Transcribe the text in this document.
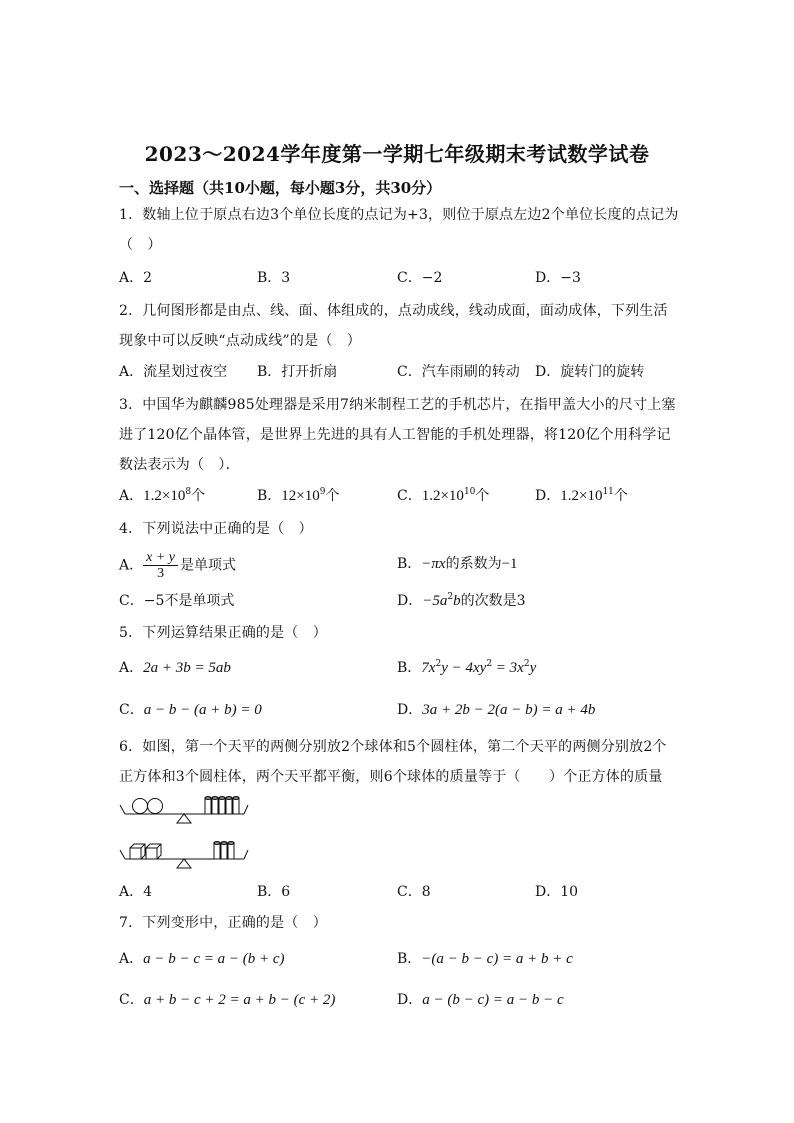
2023～2024学年度第一学期七年级期末考试数学试卷
一、选择题（共10小题，每小题3分，共30分）
1．数轴上位于原点右边3个单位长度的点记为+3，则位于原点左边2个单位长度的点记为（　）
A．2	B．3	C．−2	D．−3
2．几何图形都是由点、线、面、体组成的，点动成线，线动成面，面动成体，下列生活现象中可以反映“点动成线”的是（　）
A．流星划过夜空 B．打开折扇	C．汽车雨刷的转动 D．旋转门的旋转
3．中国华为麒麟985处理器是采用7纳米制程工艺的手机芯片，在指甲盖大小的尺寸上塞进了120亿个晶体管，是世界上先进的具有人工智能的手机处理器，将120亿个用科学记数法表示为（　）．
A．$1.2\times 10^8$个	B．$12\times 10^9$个	C．$1.2\times 10^{10}$个	D．$1.2\times 10^{11}$个
4．下列说法中正确的是（　）
A． $\frac{x + y}{3}$ 是单项式	B．−πx的系数为−1
C．−5不是单项式	D．$-5a^2b$的次数是3
5．下列运算结果正确的是（　）
A．2a + 3b = 5ab	B．$7x^2y - 4xy^2 = 3x^2y$
C．a − b − (a + b) = 0	D．3a + 2b − 2(a − b) = a + 4b
6．如图，第一个天平的两侧分别放2个球体和5个圆柱体，第二个天平的两侧分别放2个正方体和3个圆柱体，两个天平都平衡，则6个球体的质量等于（　　）个正方体的质量
A．4	B．6	C．8	D．10
7．下列变形中，正确的是（　）
A．a − b − c = a − (b + c)	B．−(a − b − c) = a + b + c
C．a + b − c + 2 = a + b − (c + 2)	D．a − (b − c) = a − b − c
